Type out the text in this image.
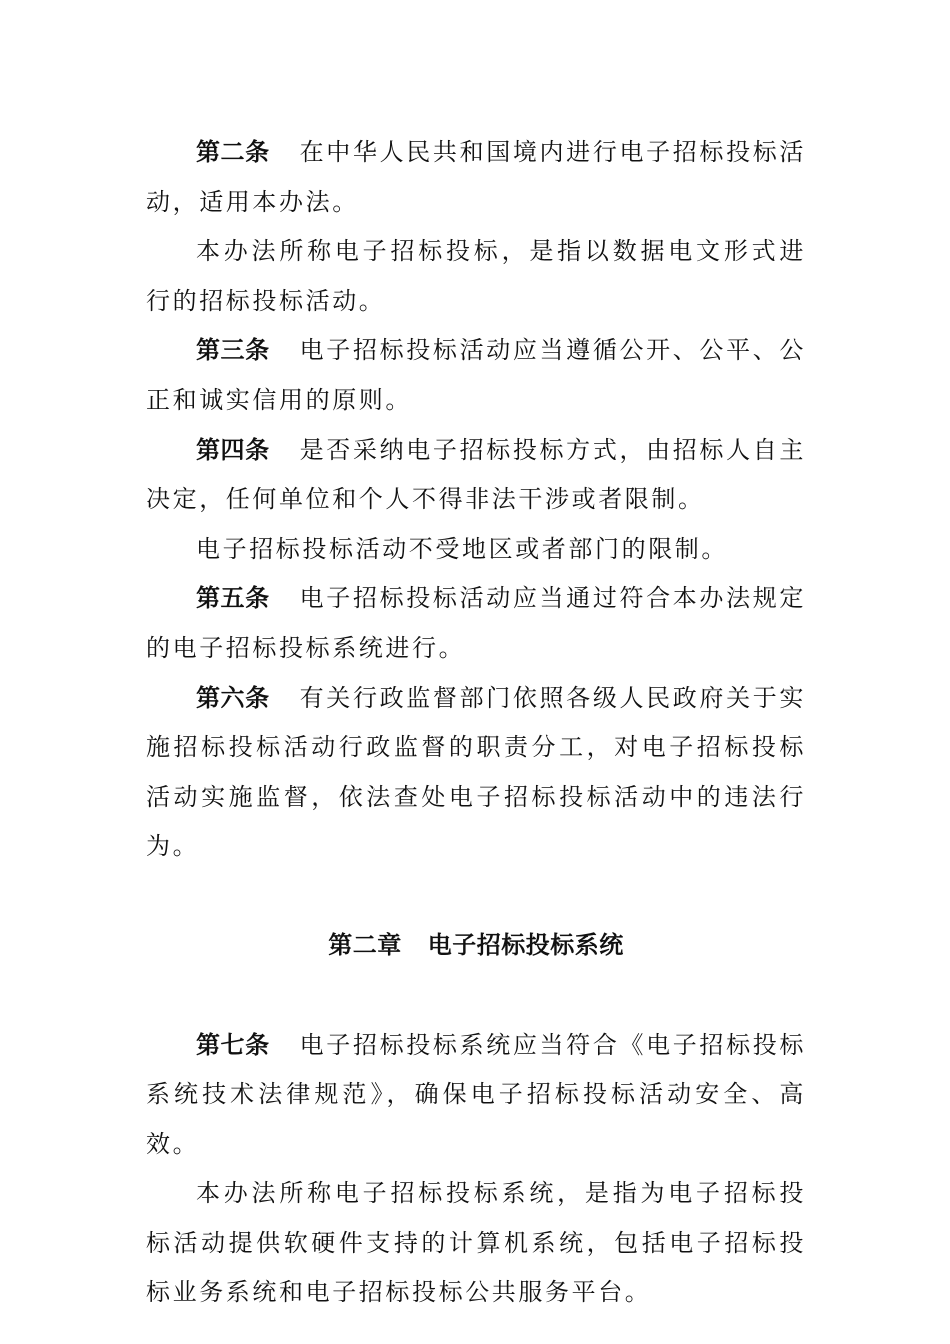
第二条 在中华人民共和国境内进行电子招标投标活动，适用本办法。

本办法所称电子招标投标，是指以数据电文形式进行的招标投标活动。

第三条 电子招标投标活动应当遵循公开、公平、公正和诚实信用的原则。

第四条 是否采纳电子招标投标方式，由招标人自主决定，任何单位和个人不得非法干涉或者限制。

电子招标投标活动不受地区或者部门的限制。

第五条 电子招标投标活动应当通过符合本办法规定的电子招标投标系统进行。

第六条 有关行政监督部门依照各级人民政府关于实施招标投标活动行政监督的职责分工，对电子招标投标活动实施监督，依法查处电子招标投标活动中的违法行为。

第二章 电子招标投标系统

第七条 电子招标投标系统应当符合《电子招标投标系统技术法律规范》，确保电子招标投标活动安全、高效。

本办法所称电子招标投标系统，是指为电子招标投标活动提供软硬件支持的计算机系统，包括电子招标投标业务系统和电子招标投标公共服务平台。
